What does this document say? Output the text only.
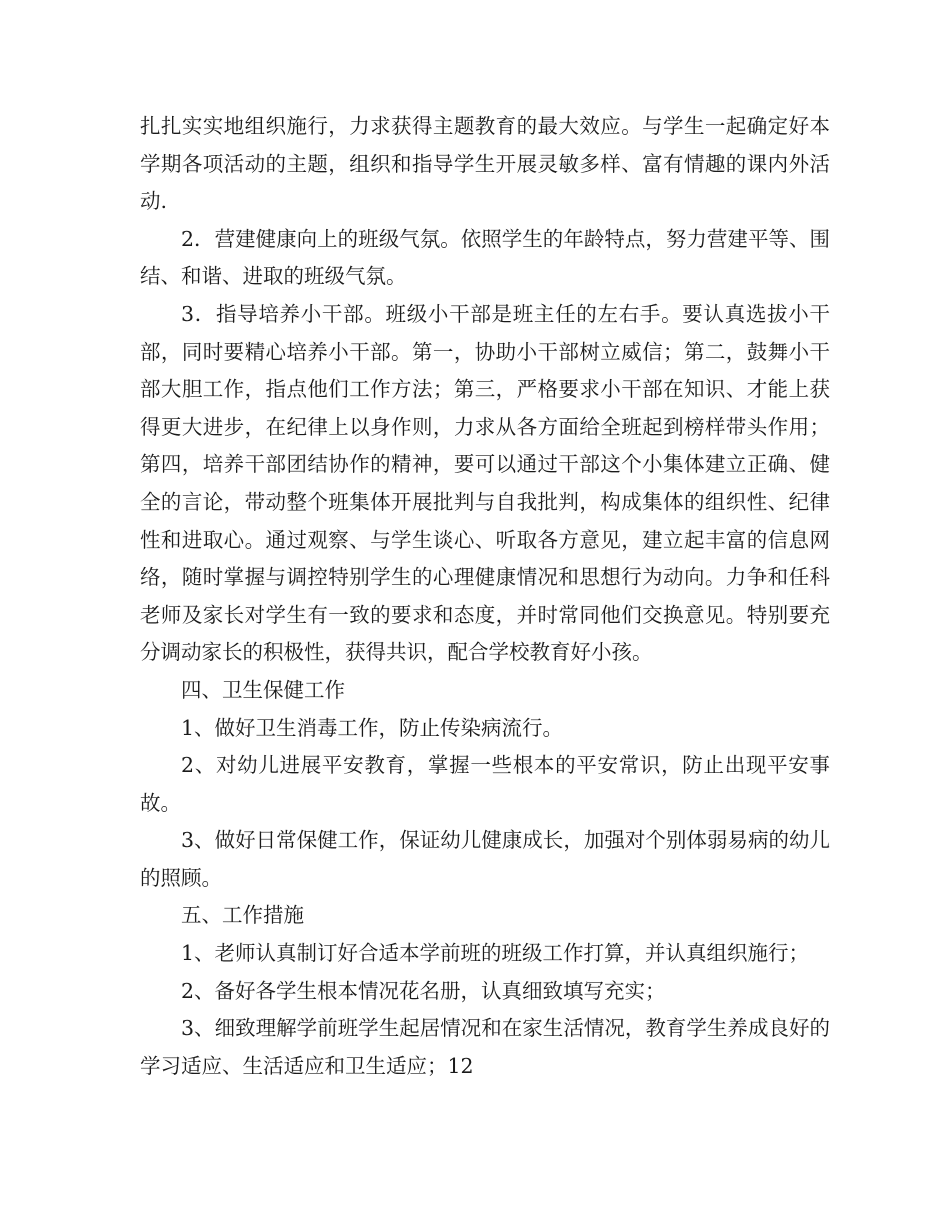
扎扎实实地组织施行，力求获得主题教育的最大效应。与学生一起确定好本学期各项活动的主题，组织和指导学生开展灵敏多样、富有情趣的课内外活动.

2．营建健康向上的班级气氛。依照学生的年龄特点，努力营建平等、围结、和谐、进取的班级气氛。

3．指导培养小干部。班级小干部是班主任的左右手。要认真选拔小干部，同时要精心培养小干部。第一，协助小干部树立威信；第二，鼓舞小干部大胆工作，指点他们工作方法；第三，严格要求小干部在知识、才能上获得更大进步，在纪律上以身作则，力求从各方面给全班起到榜样带头作用；第四，培养干部团结协作的精神，要可以通过干部这个小集体建立正确、健全的言论，带动整个班集体开展批判与自我批判，构成集体的组织性、纪律性和进取心。通过观察、与学生谈心、听取各方意见，建立起丰富的信息网络，随时掌握与调控特别学生的心理健康情况和思想行为动向。力争和任科老师及家长对学生有一致的要求和态度，并时常同他们交换意见。特别要充分调动家长的积极性，获得共识，配合学校教育好小孩。

四、卫生保健工作

1、做好卫生消毒工作，防止传染病流行。

2、对幼儿进展平安教育，掌握一些根本的平安常识，防止出现平安事故。

3、做好日常保健工作，保证幼儿健康成长，加强对个别体弱易病的幼儿的照顾。

五、工作措施

1、老师认真制订好合适本学前班的班级工作打算，并认真组织施行；

2、备好各学生根本情况花名册，认真细致填写充实；

3、细致理解学前班学生起居情况和在家生活情况，教育学生养成良好的学习适应、生活适应和卫生适应；12
